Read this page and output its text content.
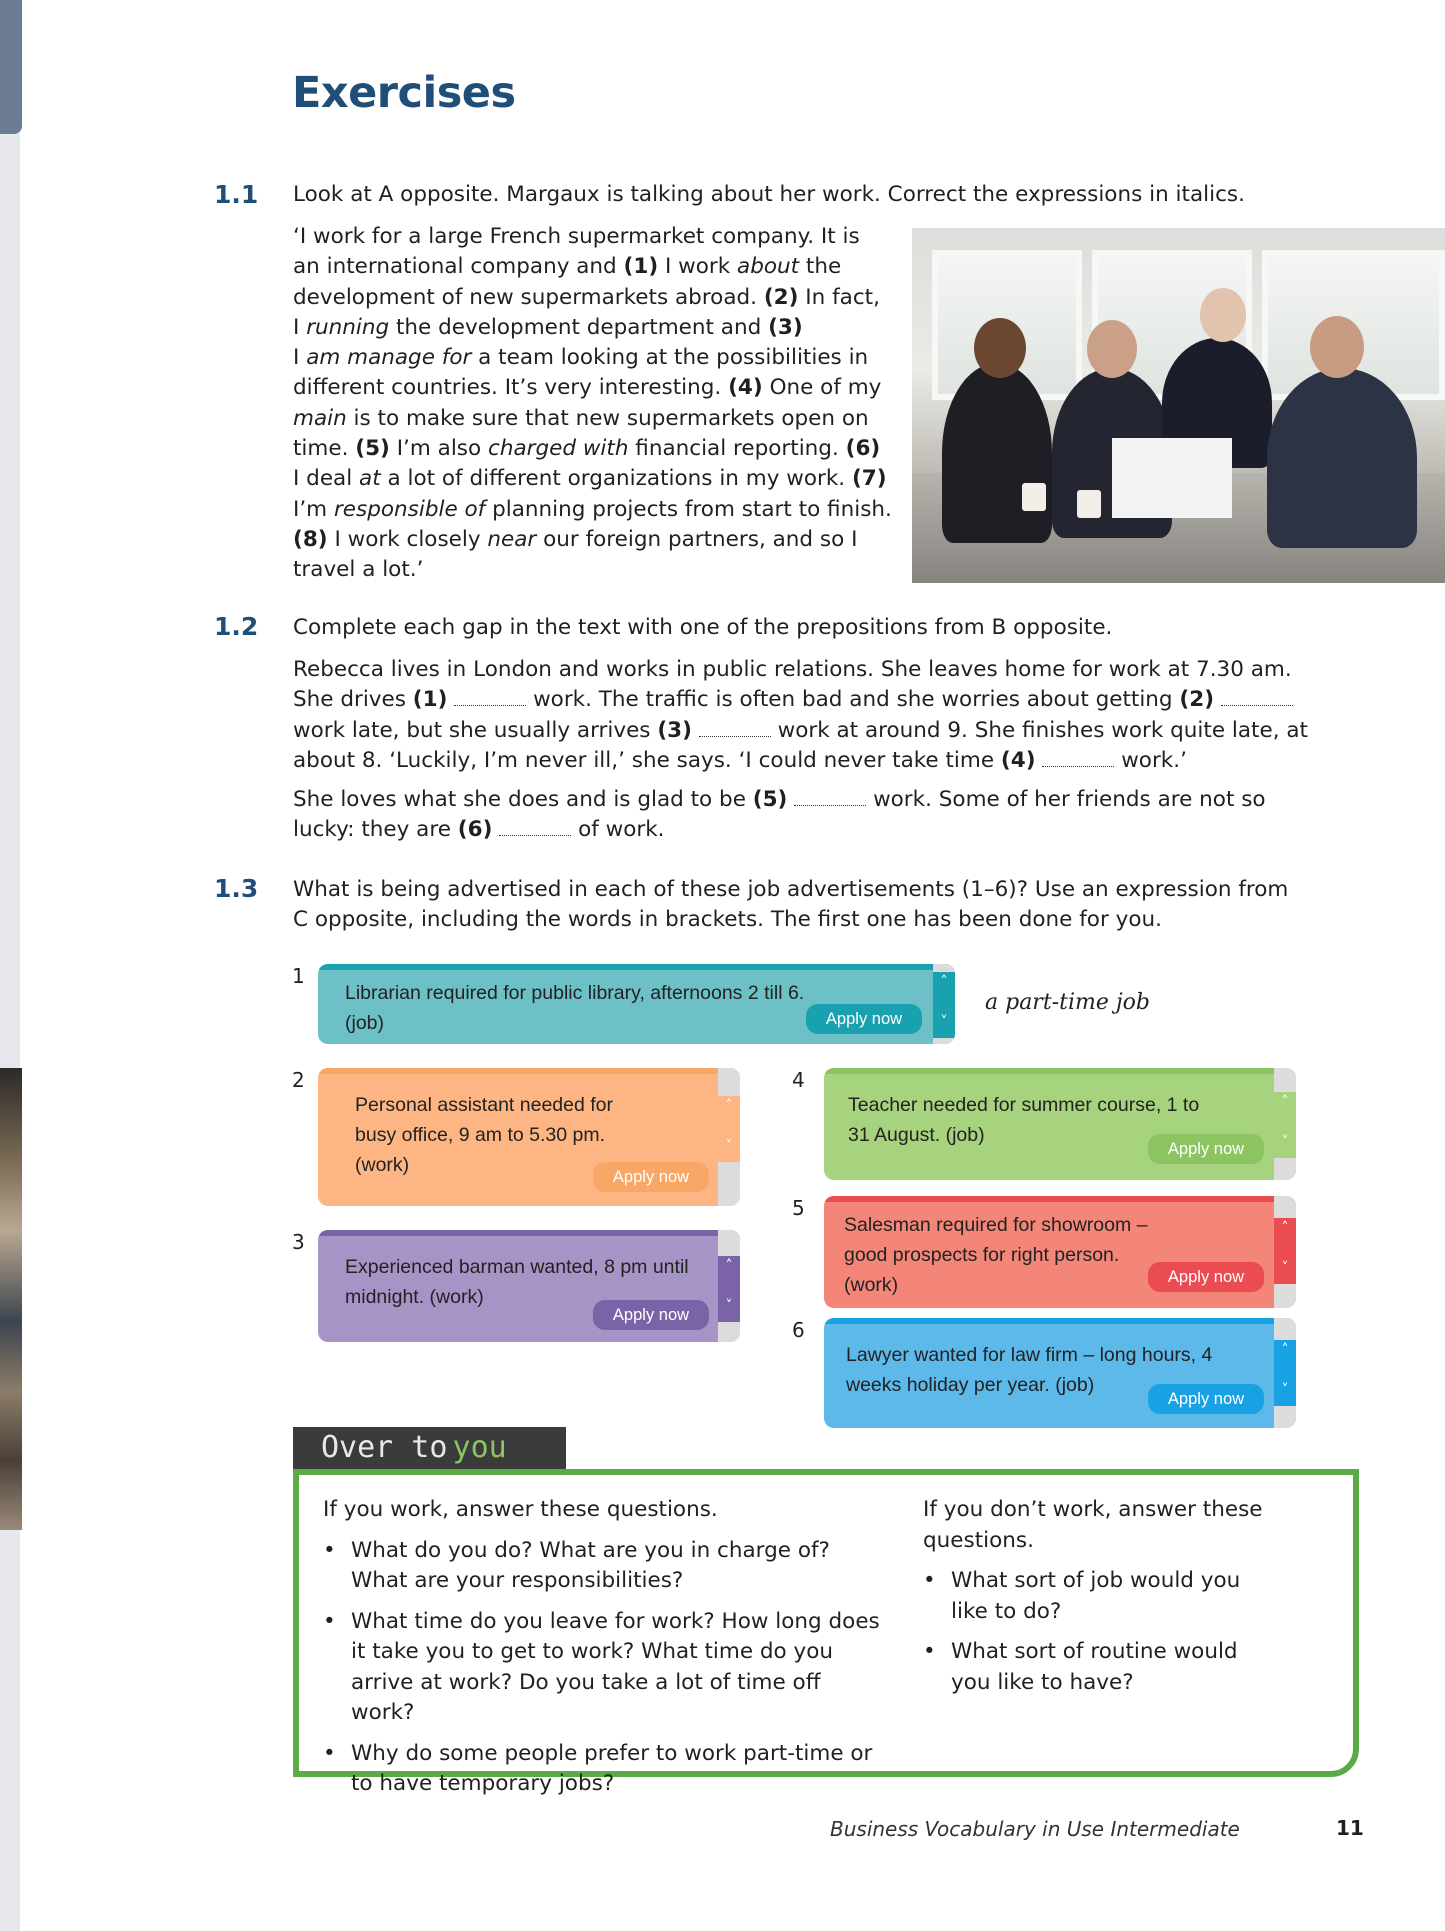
Exercises
1.1 Look at A opposite. Margaux is talking about her work. Correct the expressions in italics.
‘I work for a large French supermarket company. It is an international company and (1) I work about the development of new supermarkets abroad. (2) In fact, I running the development department and (3)
I am manage for a team looking at the possibilities in different countries. It’s very interesting. (4) One of my main is to make sure that new supermarkets open on time. (5) I’m also charged with financial reporting. (6)
I deal at a lot of different organizations in my work. (7)
I’m responsible of planning projects from start to finish.
(8) I work closely near our foreign partners, and so I travel a lot.’
1.2 Complete each gap in the text with one of the prepositions from B opposite.
Rebecca lives in London and works in public relations. She leaves home for work at 7.30 am. She drives (1)	work. The traffic is often bad and she worries about getting (2)  work late, but she usually arrives (3)	work at around 9. She finishes work quite late, at about 8. ‘Luckily, I’m never ill,’ she says. ‘I could never take time (4)	work.’
She loves what she does and is glad to be (5)	work. Some of her friends are not so lucky: they are (6)	of work.
1.3 What is being advertised in each of these job advertisements (1–6)? Use an expression from C opposite, including the words in brackets. The first one has been done for you.
1
Librarian required for public library, afternoons 2 till 6. (job)	Apply now
˄

˅
a part-time job
2
Personal assistant needed for busy office, 9 am to 5.30 pm. (work)
Apply now
˄

˅
3
Experienced barman wanted, 8 pm until midnight. (work)
Apply now
˄

˅
4
Teacher needed for summer course, 1 to 31 August. (job)
Apply now
˄

˅
5
Salesman required for showroom – good prospects for right person. (work)	Apply now
˄

˅
6
Lawyer wanted for law firm – long hours, 4 weeks holiday per year. (job)
Apply now
˄

˅
Over to you
If you work, answer these questions.
• What do you do? What are you in charge of? What are your responsibilities?
• What time do you leave for work? How long does it take you to get to work? What time do you arrive at work? Do you take a lot of time off work?
• Why do some people prefer to work part-time or to have temporary jobs?
If you don’t work, answer these questions.
• What sort of job would you like to do?
• What sort of routine would you like to have?
Business Vocabulary in Use Intermediate	11
